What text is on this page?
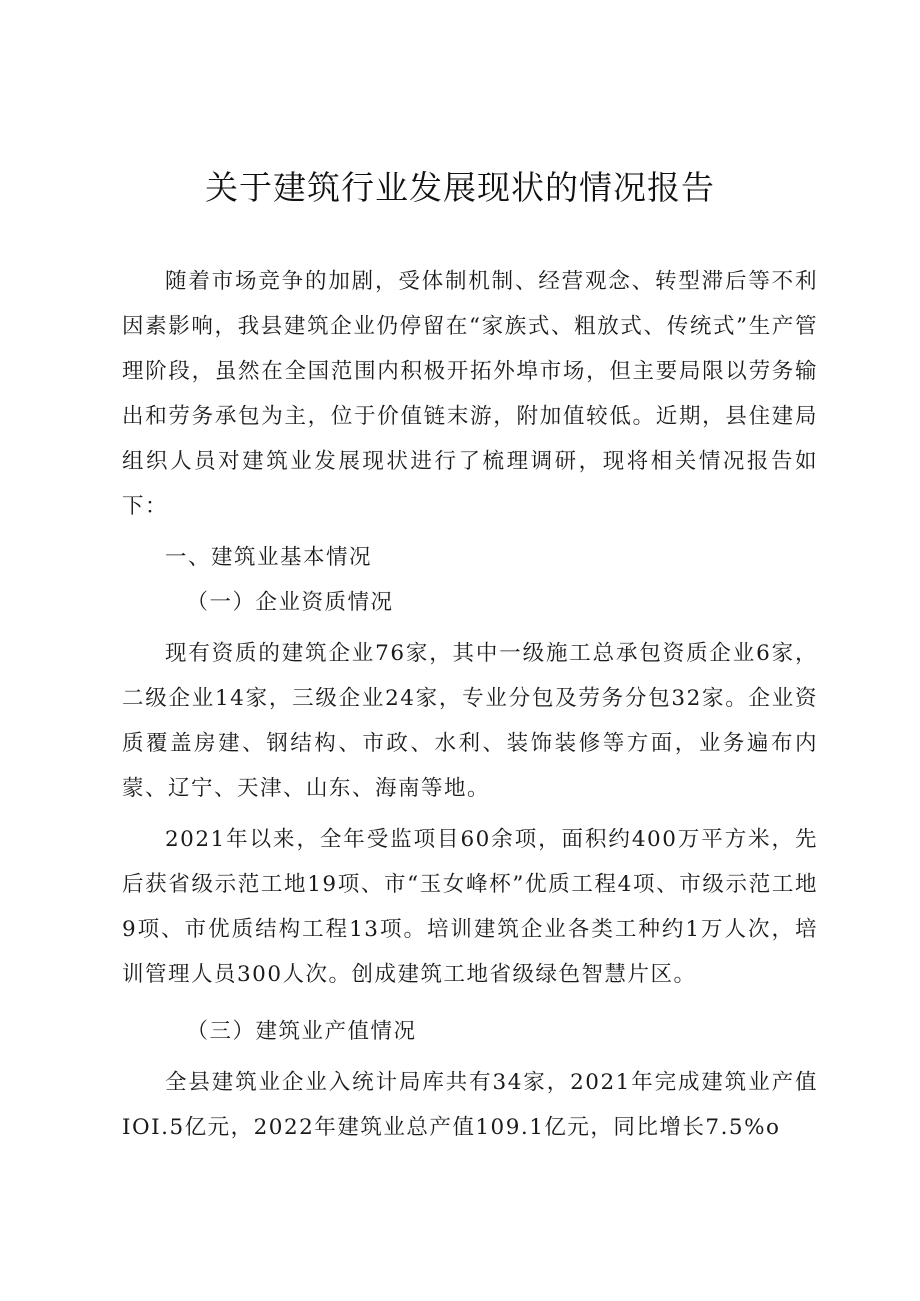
关于建筑行业发展现状的情况报告

随着市场竞争的加剧，受体制机制、经营观念、转型滞后等不利因素影响，我县建筑企业仍停留在“家族式、粗放式、传统式”生产管理阶段，虽然在全国范围内积极开拓外埠市场，但主要局限以劳务输出和劳务承包为主，位于价值链末游，附加值较低。近期，县住建局组织人员对建筑业发展现状进行了梳理调研，现将相关情况报告如下：

一、建筑业基本情况

（一）企业资质情况

现有资质的建筑企业76家，其中一级施工总承包资质企业6家，二级企业14家，三级企业24家，专业分包及劳务分包32家。企业资质覆盖房建、钢结构、市政、水利、装饰装修等方面，业务遍布内蒙、辽宁、天津、山东、海南等地。

2021年以来，全年受监项目60余项，面积约400万平方米，先后获省级示范工地19项、市“玉女峰杯”优质工程4项、市级示范工地9项、市优质结构工程13项。培训建筑企业各类工种约1万人次，培训管理人员300人次。创成建筑工地省级绿色智慧片区。

（三）建筑业产值情况

全县建筑业企业入统计局库共有34家，2021年完成建筑业产值IOI.5亿元，2022年建筑业总产值109.1亿元，同比增长7.5%o
